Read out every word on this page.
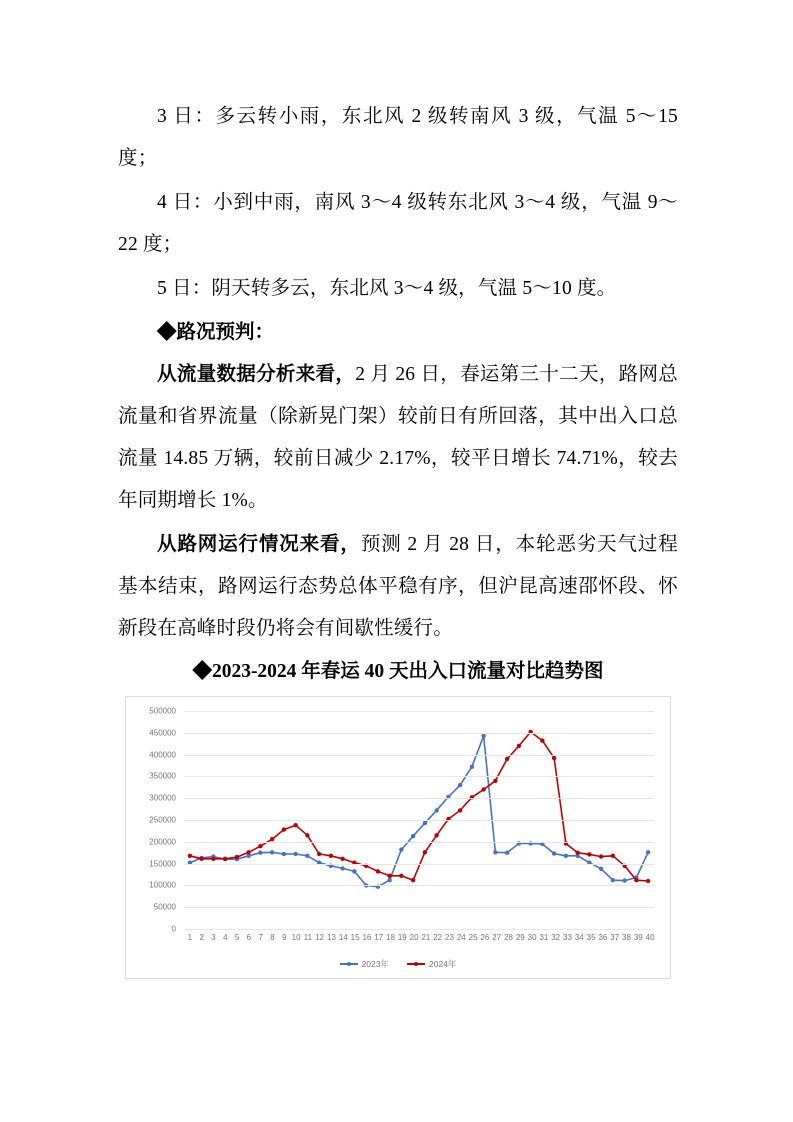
3 日：多云转小雨，东北风 2 级转南风 3 级，气温 5～15 度；

4 日：小到中雨，南风 3～4 级转东北风 3～4 级，气温 9～22 度；

5 日：阴天转多云，东北风 3～4 级，气温 5～10 度。

◆路况预判：

从流量数据分析来看，2 月 26 日，春运第三十二天，路网总流量和省界流量（除新晃门架）较前日有所回落，其中出入口总流量 14.85 万辆，较前日减少 2.17%，较平日增长 74.71%，较去年同期增长 1%。

从路网运行情况来看，预测 2 月 28 日，本轮恶劣天气过程基本结束，路网运行态势总体平稳有序，但沪昆高速邵怀段、怀新段在高峰时段仍将会有间歇性缓行。

◆2023-2024 年春运 40 天出入口流量对比趋势图

0
50000
100000
150000
200000
250000
300000
350000
400000
450000
500000
1 2 3 4 5 6 7 8 9 10 11 12 13 14 15 16 17 18 19 20 21 22 23 24 25 26 27 28 29 30 31 32 33 34 35 36 37 38 39 40
2023年	2024年
